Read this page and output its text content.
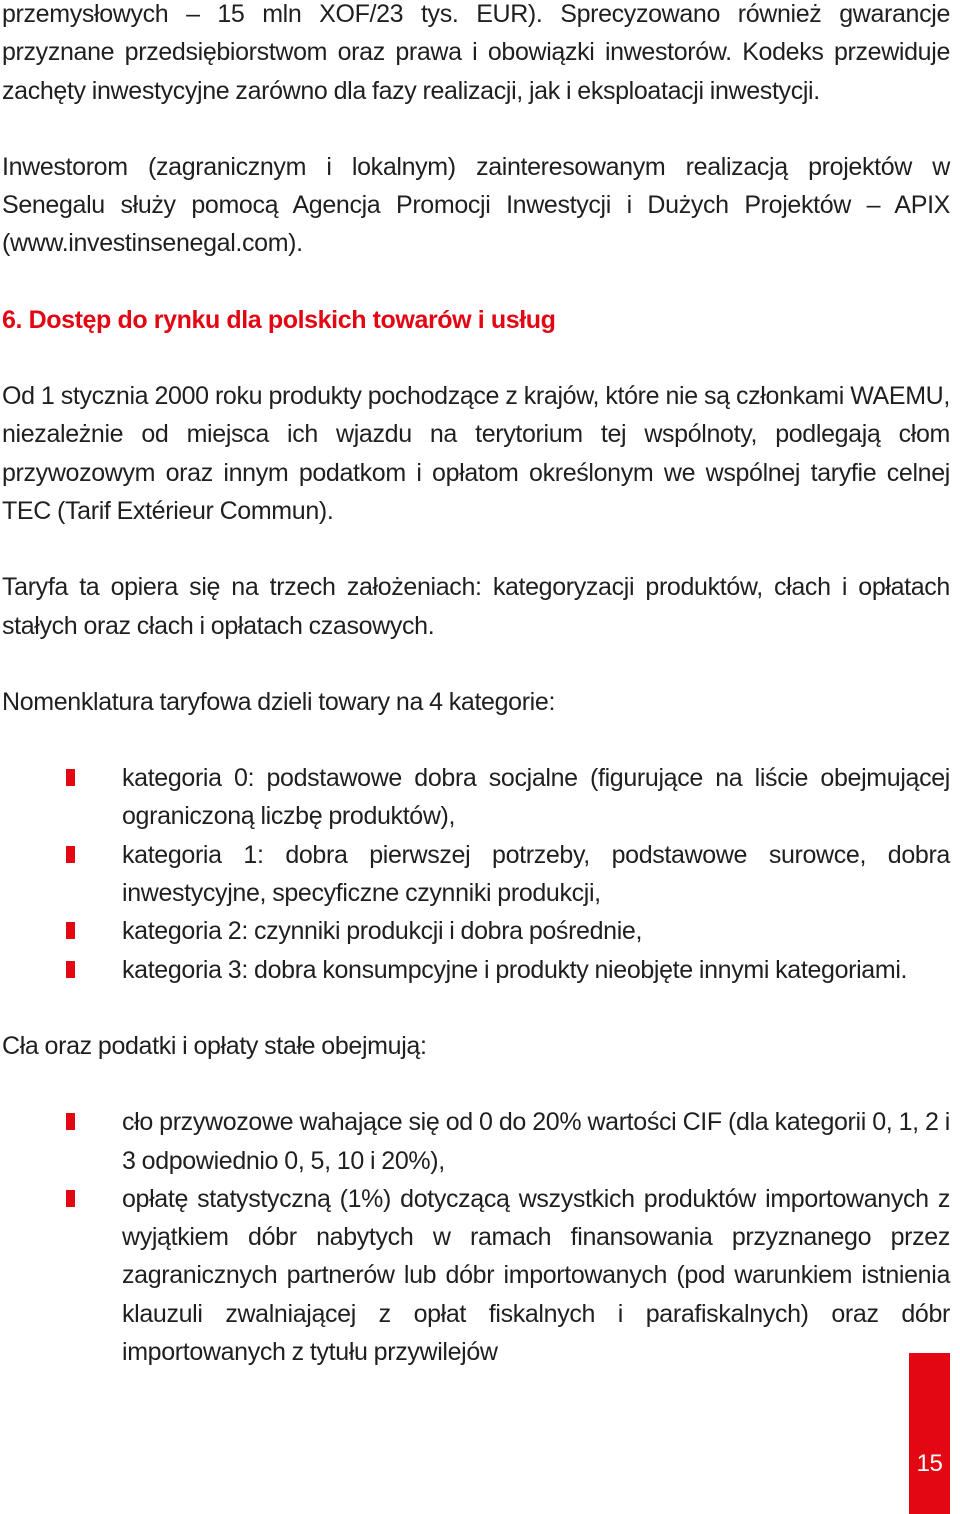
przemysłowych – 15 mln XOF/23 tys. EUR). Sprecyzowano również gwarancje przyznane przedsiębiorstwom oraz prawa i obowiązki inwestorów. Kodeks przewiduje zachęty inwestycyjne zarówno dla fazy realizacji, jak i eksploatacji inwestycji.

Inwestorom (zagranicznym i lokalnym) zainteresowanym realizacją projektów w Senegalu służy pomocą Agencja Promocji Inwestycji i Dużych Projektów – APIX (www.investinsenegal.com).

6. Dostęp do rynku dla polskich towarów i usług

Od 1 stycznia 2000 roku produkty pochodzące z krajów, które nie są członkami WAEMU, niezależnie od miejsca ich wjazdu na terytorium tej wspólnoty, podlegają cłom przywozowym oraz innym podatkom i opłatom określonym we wspólnej taryfie celnej TEC (Tarif Extérieur Commun).

Taryfa ta opiera się na trzech założeniach: kategoryzacji produktów, cłach i opłatach stałych oraz cłach i opłatach czasowych.

Nomenklatura taryfowa dzieli towary na 4 kategorie:

kategoria 0: podstawowe dobra socjalne (figurujące na liście obejmującej ograniczoną liczbę produktów),
kategoria 1: dobra pierwszej potrzeby, podstawowe surowce, dobra inwestycyjne, specyficzne czynniki produkcji,
kategoria 2: czynniki produkcji i dobra pośrednie,
kategoria 3: dobra konsumpcyjne i produkty nieobjęte innymi kategoriami.

Cła oraz podatki i opłaty stałe obejmują:

cło przywozowe wahające się od 0 do 20% wartości CIF (dla kategorii 0, 1, 2 i 3 odpowiednio 0, 5, 10 i 20%),
opłatę statystyczną (1%) dotyczącą wszystkich produktów importowanych z wyjątkiem dóbr nabytych w ramach finansowania przyznanego przez zagranicznych partnerów lub dóbr importowanych (pod warunkiem istnienia klauzuli zwalniającej z opłat fiskalnych i parafiskalnych) oraz dóbr importowanych z tytułu przywilejów
15
